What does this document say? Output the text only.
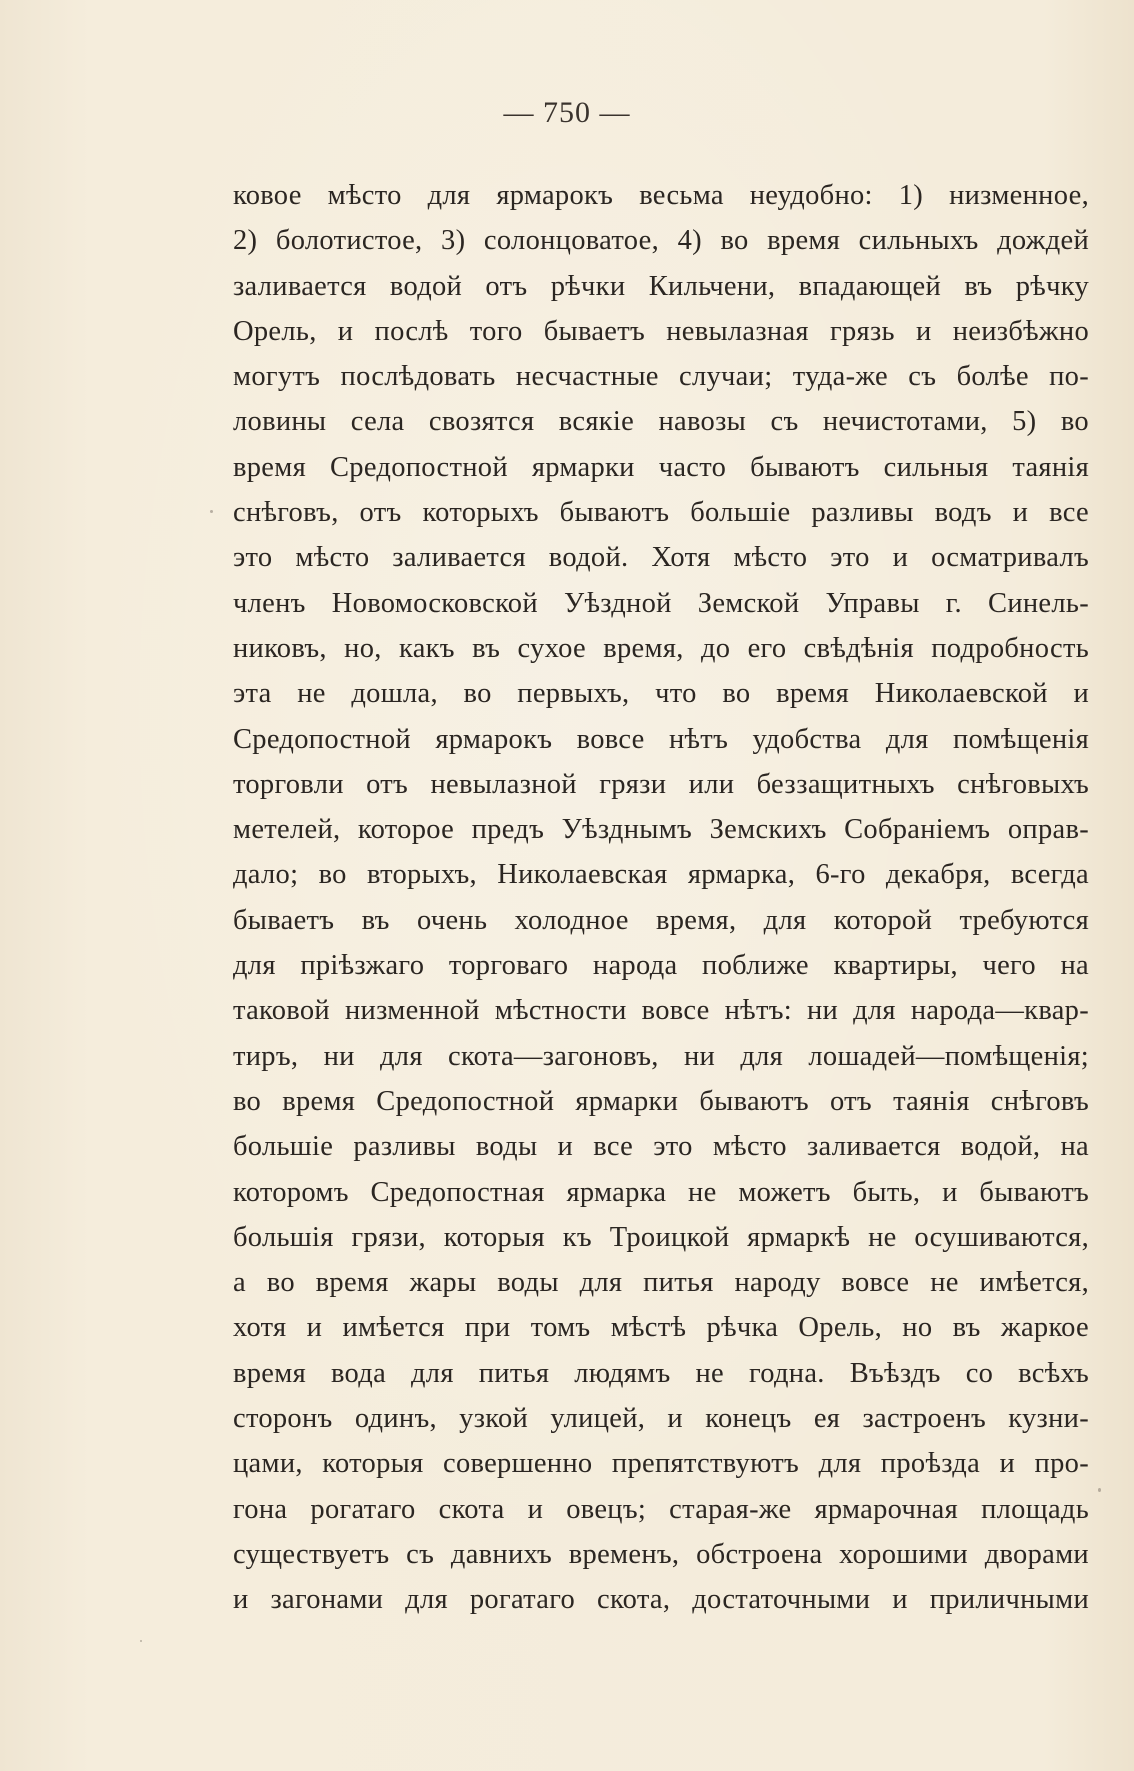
— 750 —
ковое мѣсто для ярмарокъ весьма неудобно: 1) низменное,
2) болотистое, 3) солонцоватое, 4) во время сильныхъ дождей
заливается водой отъ рѣчки Кильчени, впадающей въ рѣчку
Орель, и послѣ того бываетъ невылазная грязь и неизбѣжно
могутъ послѣдовать несчастные случаи; туда-же съ болѣе по-
ловины села свозятся всякіе навозы съ нечистотами, 5) во
время Средопостной ярмарки часто бываютъ сильныя таянія
снѣговъ, отъ которыхъ бываютъ большіе разливы водъ и все
это мѣсто заливается водой. Хотя мѣсто это и осматривалъ
членъ Новомосковской Уѣздной Земской Управы г. Синель-
никовъ, но, какъ въ сухое время, до его свѣдѣнія подробность
эта не дошла, во первыхъ, что во время Николаевской и
Средопостной ярмарокъ вовсе нѣтъ удобства для помѣщенія
торговли отъ невылазной грязи или беззащитныхъ снѣговыхъ
метелей, которое предъ Уѣзднымъ Земскихъ Собраніемъ оправ-
дало; во вторыхъ, Николаевская ярмарка, 6-го декабря, всегда
бываетъ въ очень холодное время, для которой требуются
для пріѣзжаго торговаго народа поближе квартиры, чего на
таковой низменной мѣстности вовсе нѣтъ: ни для народа—квар-
тиръ, ни для скота—загоновъ, ни для лошадей—помѣщенія;
во время Средопостной ярмарки бываютъ отъ таянія снѣговъ
большіе разливы воды и все это мѣсто заливается водой, на
которомъ Средопостная ярмарка не можетъ быть, и бываютъ
большія грязи, которыя къ Троицкой ярмаркѣ не осушиваются,
а во время жары воды для питья народу вовсе не имѣется,
хотя и имѣется при томъ мѣстѣ рѣчка Орель, но въ жаркое
время вода для питья людямъ не годна. Въѣздъ со всѣхъ
сторонъ одинъ, узкой улицей, и конецъ ея застроенъ кузни-
цами, которыя совершенно препятствуютъ для проѣзда и про-
гона рогатаго скота и овецъ; старая-же ярмарочная площадь
существуетъ съ давнихъ временъ, обстроена хорошими дворами
и загонами для рогатаго скота, достаточными и приличными
